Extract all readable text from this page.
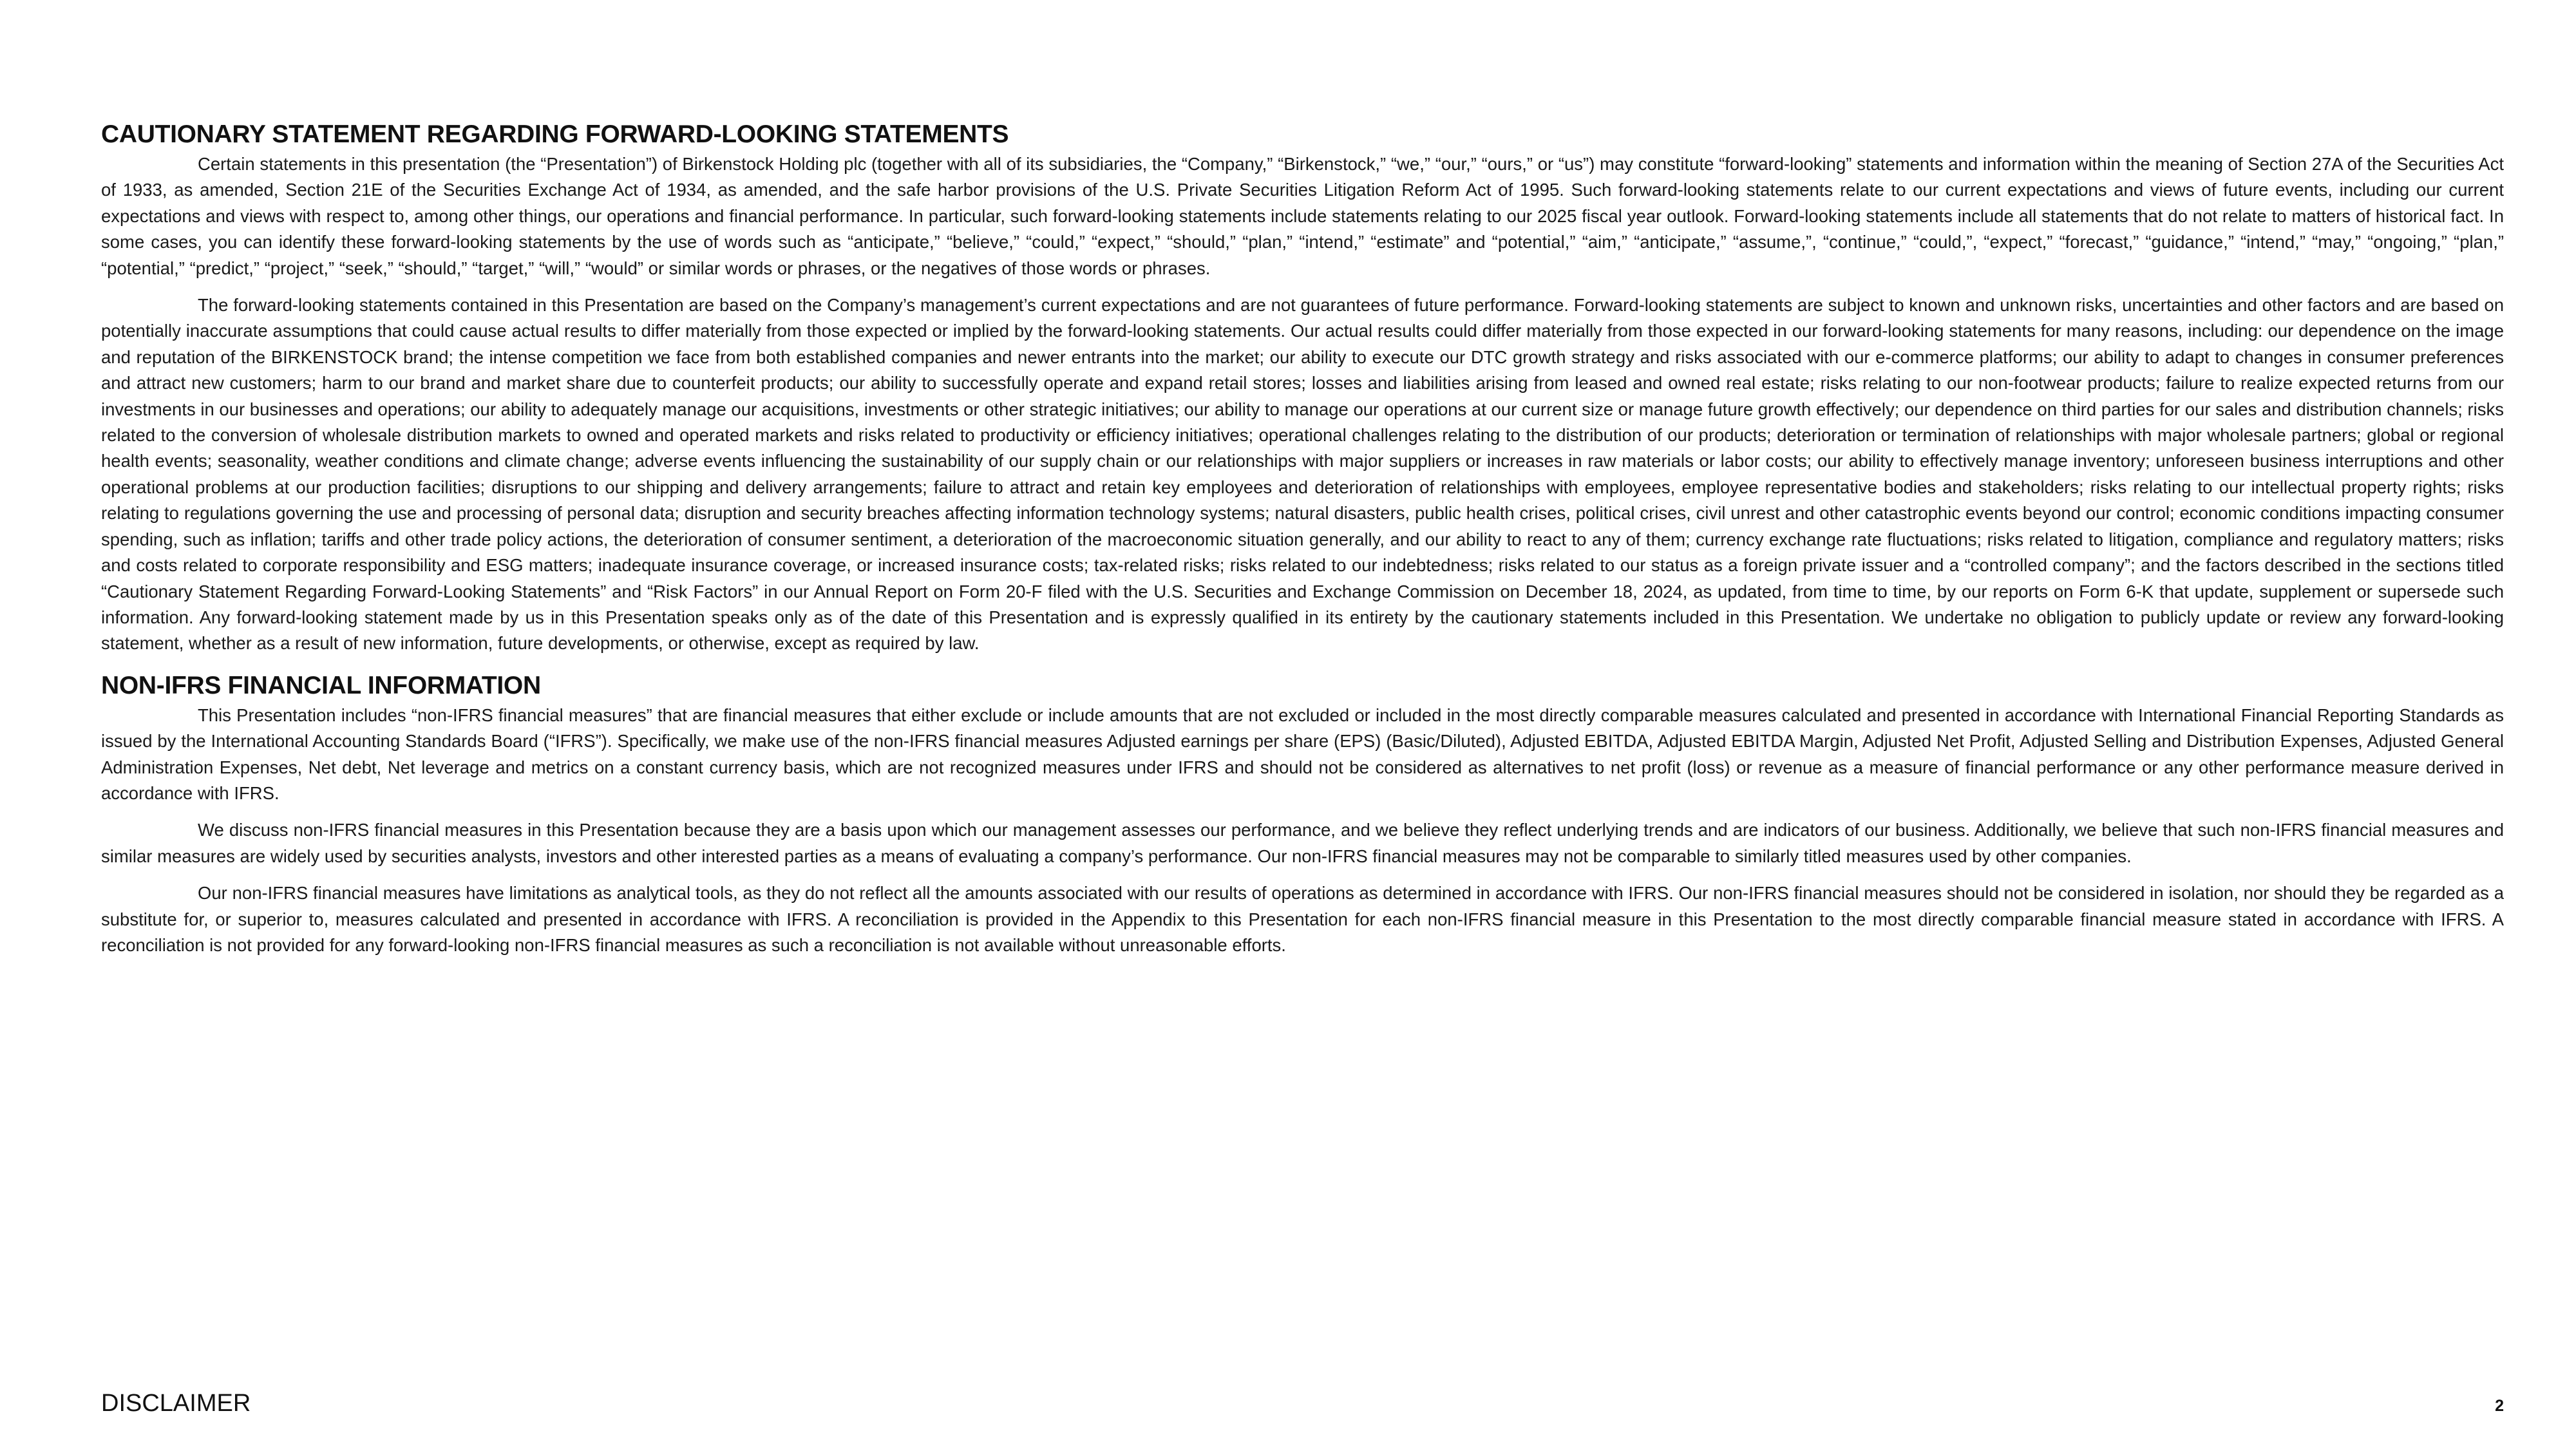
CAUTIONARY STATEMENT REGARDING FORWARD-LOOKING STATEMENTS

Certain statements in this presentation (the “Presentation”) of Birkenstock Holding plc (together with all of its subsidiaries, the “Company,” “Birkenstock,” “we,” “our,” “ours,” or “us”) may constitute “forward-looking” statements and information within the meaning of Section 27A of the Securities Act of 1933, as amended, Section 21E of the Securities Exchange Act of 1934, as amended, and the safe harbor provisions of the U.S. Private Securities Litigation Reform Act of 1995. Such forward-looking statements relate to our current expectations and views of future events, including our current expectations and views with respect to, among other things, our operations and financial performance. In particular, such forward-looking statements include statements relating to our 2025 fiscal year outlook. Forward-looking statements include all statements that do not relate to matters of historical fact. In some cases, you can identify these forward-looking statements by the use of words such as “anticipate,” “believe,” “could,” “expect,” “should,” “plan,” “intend,” “estimate” and “potential,” “aim,” “anticipate,” “assume,”, “continue,” “could,”, “expect,” “forecast,” “guidance,” “intend,” “may,” “ongoing,” “plan,” “potential,” “predict,” “project,” “seek,” “should,” “target,” “will,” “would” or similar words or phrases, or the negatives of those words or phrases.

The forward-looking statements contained in this Presentation are based on the Company’s management’s current expectations and are not guarantees of future performance. Forward-looking statements are subject to known and unknown risks, uncertainties and other factors and are based on potentially inaccurate assumptions that could cause actual results to differ materially from those expected or implied by the forward-looking statements. Our actual results could differ materially from those expected in our forward-looking statements for many reasons, including: our dependence on the image and reputation of the BIRKENSTOCK brand; the intense competition we face from both established companies and newer entrants into the market; our ability to execute our DTC growth strategy and risks associated with our e-commerce platforms; our ability to adapt to changes in consumer preferences and attract new customers; harm to our brand and market share due to counterfeit products; our ability to successfully operate and expand retail stores; losses and liabilities arising from leased and owned real estate; risks relating to our non-footwear products; failure to realize expected returns from our investments in our businesses and operations; our ability to adequately manage our acquisitions, investments or other strategic initiatives; our ability to manage our operations at our current size or manage future growth effectively; our dependence on third parties for our sales and distribution channels; risks related to the conversion of wholesale distribution markets to owned and operated markets and risks related to productivity or efficiency initiatives; operational challenges relating to the distribution of our products; deterioration or termination of relationships with major wholesale partners; global or regional health events; seasonality, weather conditions and climate change; adverse events influencing the sustainability of our supply chain or our relationships with major suppliers or increases in raw materials or labor costs; our ability to effectively manage inventory; unforeseen business interruptions and other operational problems at our production facilities; disruptions to our shipping and delivery arrangements; failure to attract and retain key employees and deterioration of relationships with employees, employee representative bodies and stakeholders; risks relating to our intellectual property rights; risks relating to regulations governing the use and processing of personal data; disruption and security breaches affecting information technology systems; natural disasters, public health crises, political crises, civil unrest and other catastrophic events beyond our control; economic conditions impacting consumer spending, such as inflation; tariffs and other trade policy actions, the deterioration of consumer sentiment, a deterioration of the macroeconomic situation generally, and our ability to react to any of them; currency exchange rate fluctuations; risks related to litigation, compliance and regulatory matters; risks and costs related to corporate responsibility and ESG matters; inadequate insurance coverage, or increased insurance costs; tax-related risks; risks related to our indebtedness; risks related to our status as a foreign private issuer and a “controlled company”; and the factors described in the sections titled “Cautionary Statement Regarding Forward-Looking Statements” and “Risk Factors” in our Annual Report on Form 20-F filed with the U.S. Securities and Exchange Commission on December 18, 2024, as updated, from time to time, by our reports on Form 6-K that update, supplement or supersede such information. Any forward-looking statement made by us in this Presentation speaks only as of the date of this Presentation and is expressly qualified in its entirety by the cautionary statements included in this Presentation. We undertake no obligation to publicly update or review any forward-looking statement, whether as a result of new information, future developments, or otherwise, except as required by law.

NON-IFRS FINANCIAL INFORMATION

This Presentation includes “non-IFRS financial measures” that are financial measures that either exclude or include amounts that are not excluded or included in the most directly comparable measures calculated and presented in accordance with International Financial Reporting Standards as issued by the International Accounting Standards Board (“IFRS”). Specifically, we make use of the non-IFRS financial measures Adjusted earnings per share (EPS) (Basic/Diluted), Adjusted EBITDA, Adjusted EBITDA Margin, Adjusted Net Profit, Adjusted Selling and Distribution Expenses, Adjusted General Administration Expenses, Net debt, Net leverage and metrics on a constant currency basis, which are not recognized measures under IFRS and should not be considered as alternatives to net profit (loss) or revenue as a measure of financial performance or any other performance measure derived in accordance with IFRS.

We discuss non-IFRS financial measures in this Presentation because they are a basis upon which our management assesses our performance, and we believe they reflect underlying trends and are indicators of our business. Additionally, we believe that such non-IFRS financial measures and similar measures are widely used by securities analysts, investors and other interested parties as a means of evaluating a company’s performance. Our non-IFRS financial measures may not be comparable to similarly titled measures used by other companies.

Our non-IFRS financial measures have limitations as analytical tools, as they do not reflect all the amounts associated with our results of operations as determined in accordance with IFRS. Our non-IFRS financial measures should not be considered in isolation, nor should they be regarded as a substitute for, or superior to, measures calculated and presented in accordance with IFRS. A reconciliation is provided in the Appendix to this Presentation for each non-IFRS financial measure in this Presentation to the most directly comparable financial measure stated in accordance with IFRS. A reconciliation is not provided for any forward-looking non-IFRS financial measures as such a reconciliation is not available without unreasonable efforts.

DISCLAIMER	2
